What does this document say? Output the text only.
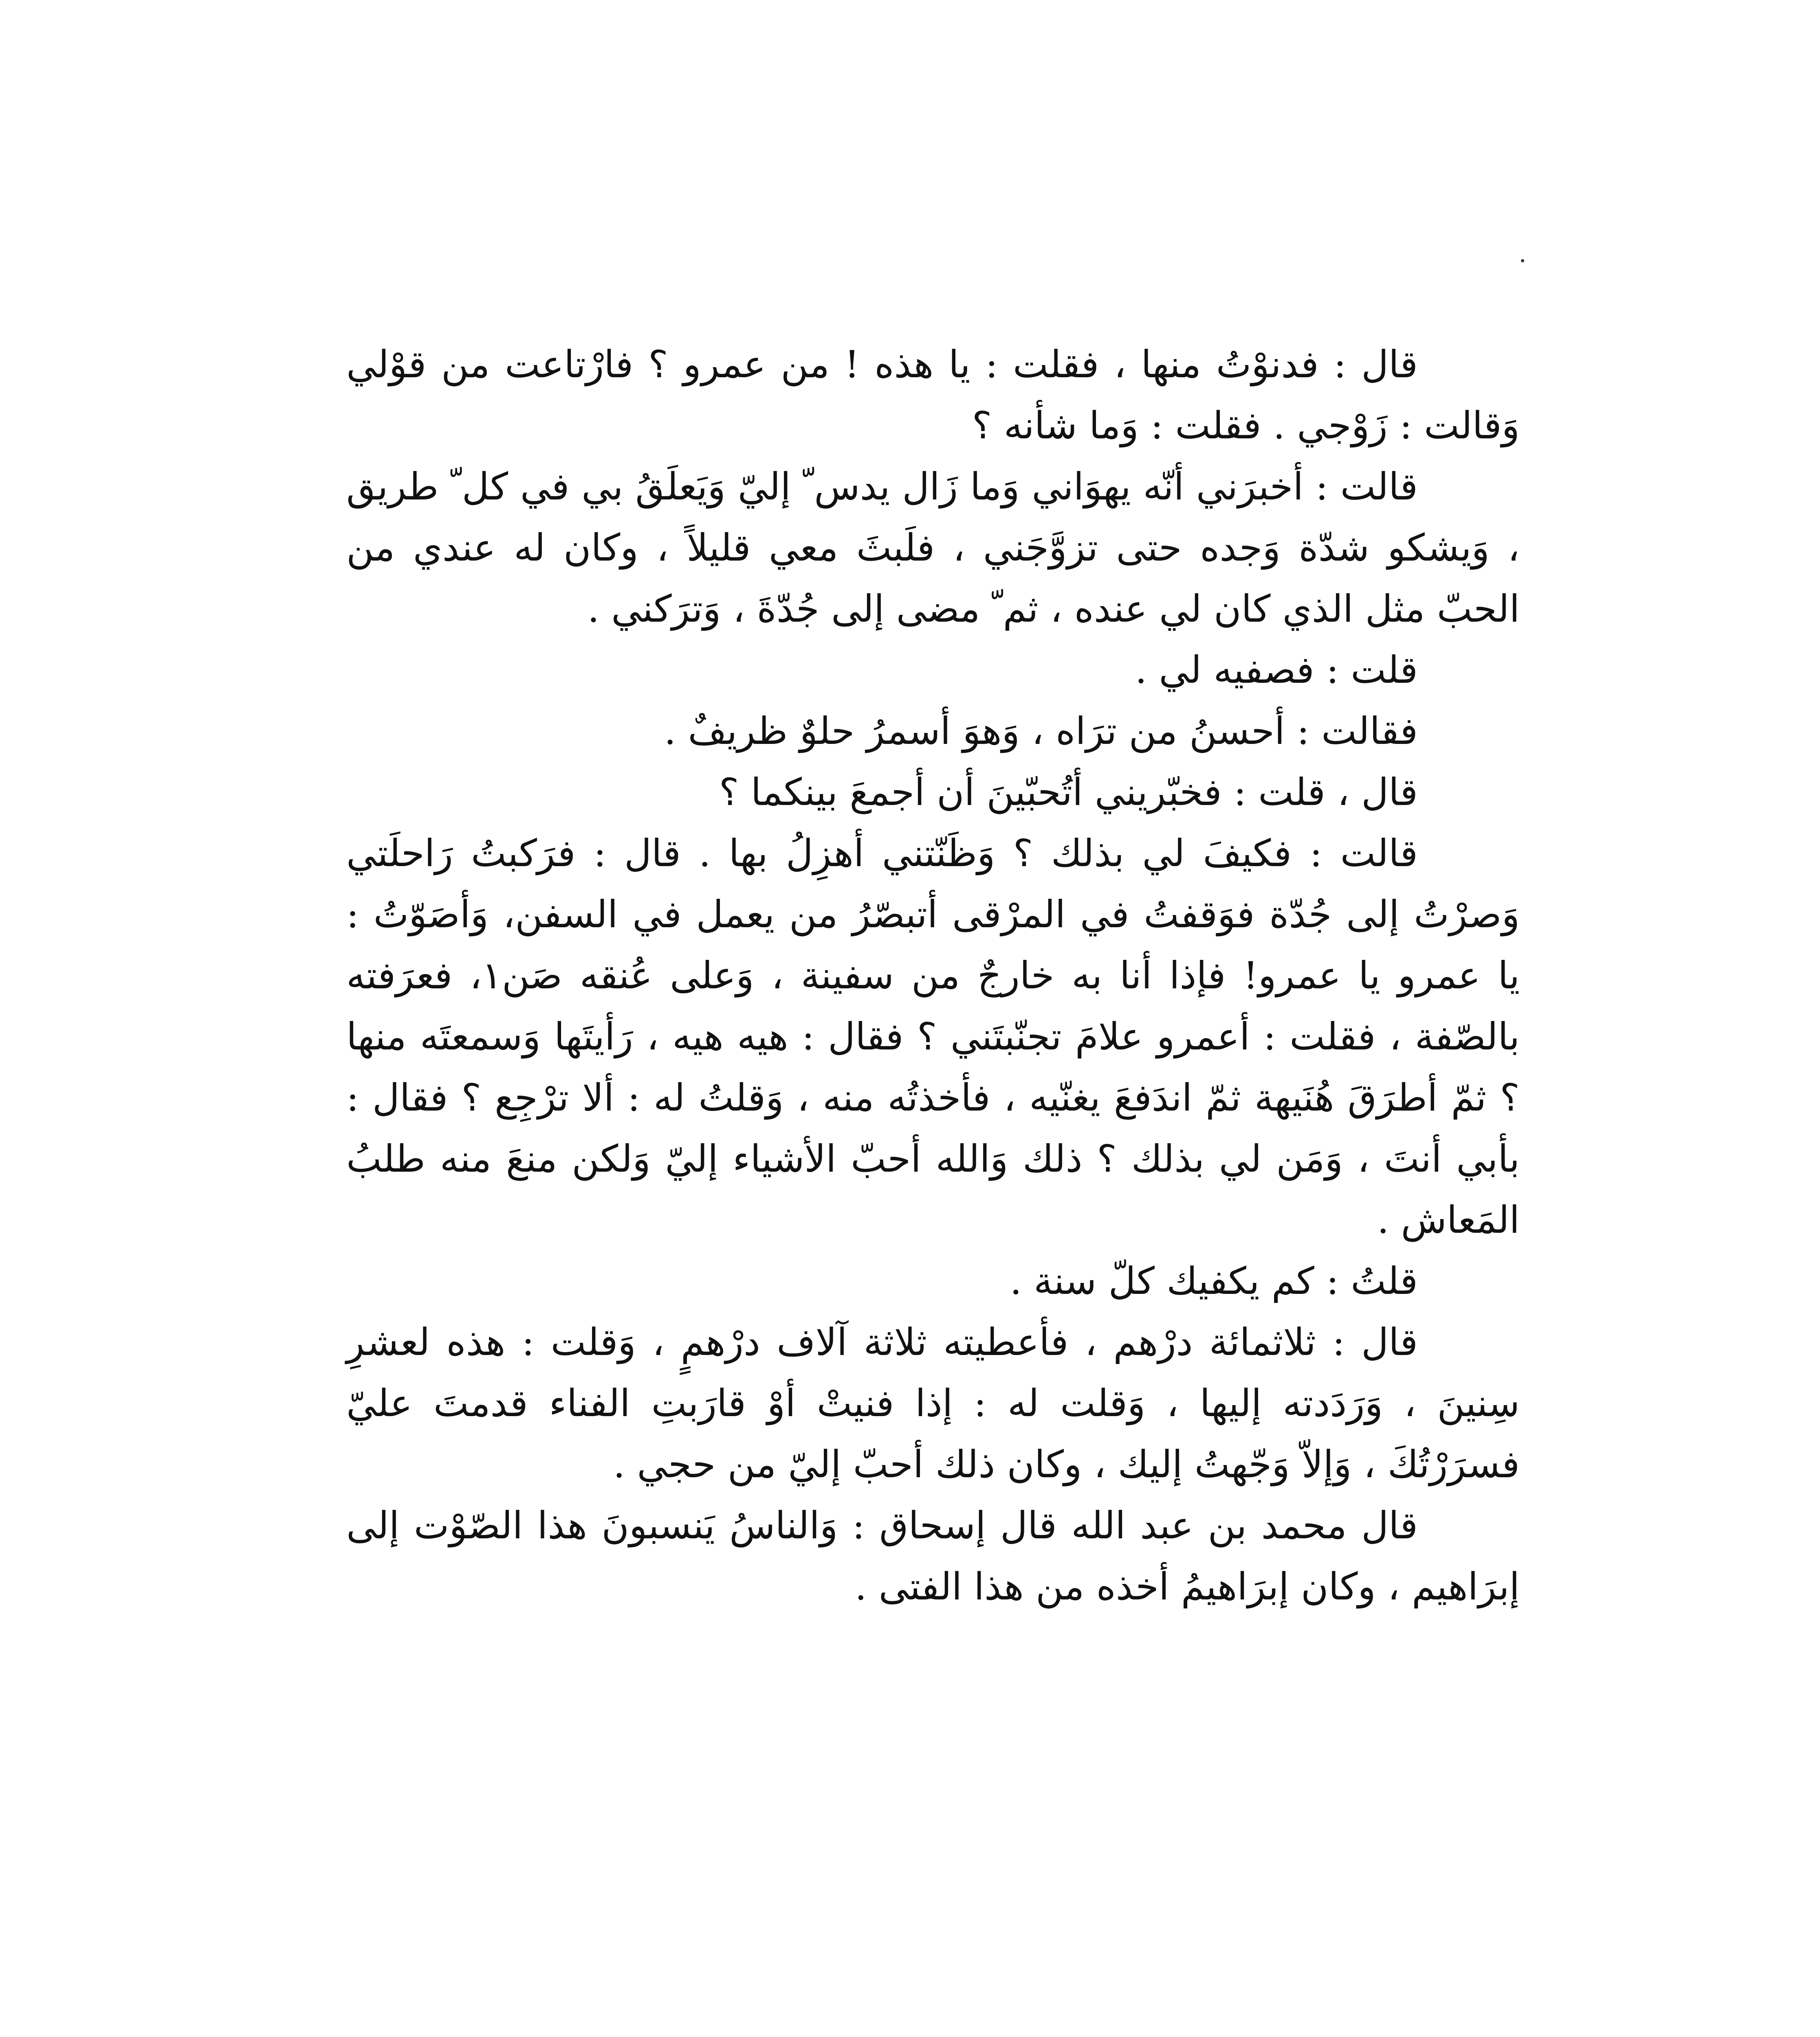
قال : فدنوْتُ منها ، فقلت : يا هذه ! من عمرو ؟ فارْتاعت من قوْلي وَقالت : زَوْجي . فقلت : وَما شأنه ؟

قالت : أخبرَني أنّه يهوَاني وَما زَال يدس ّ إليّ وَيَعلَقُ بي في كل ّ طريق ، وَيشكو شدّة وَجده حتى تزوَّجَني ، فلَبثَ معي قليلاً ، وكان له عندي من الحبّ مثل الذي كان لي عنده ، ثم ّ مضى إلى جُدّةَ ، وَترَكني .

قلت : فصفيه لي .

فقالت : أحسنُ من ترَاه ، وَهوَ أسمرُ حلوٌ ظريفٌ .

قال ، قلت : فخبّريني أتُحبّينَ أن أجمعَ بينكما ؟

قالت : فكيفَ لي بذلك ؟ وَظَنّتني أهزِلُ بها . قال : فرَكبتُ رَاحلَتي وَصرْتُ إلى جُدّة فوَقفتُ في المرْقى أتبصّرُ من يعمل في السفن، وَأصَوّتُ : يا عمرو يا عمرو! فإذا أنا به خارجٌ من سفينة ، وَعلى عُنقه صَن١، فعرَفته بالصّفة ، فقلت : أعمرو علامَ تجنّبتَني ؟ فقال : هيه هيه ، رَأيتَها وَسمعتَه منها ؟ ثمّ أطرَقَ هُنَيهة ثمّ اندَفعَ يغنّيه ، فأخذتُه منه ، وَقلتُ له : ألا ترْجِع ؟ فقال : بأبي أنتَ ، وَمَن لي بذلك ؟ ذلك وَالله أحبّ الأشياء إليّ وَلكن منعَ منه طلبُ المَعاش .

قلتُ : كم يكفيك كلّ سنة .

قال : ثلاثمائة درْهم ، فأعطيته ثلاثة آلاف درْهمٍ ، وَقلت : هذه لعشرِ سِنينَ ، وَرَدَدته إليها ، وَقلت له : إذا فنيتْ أوْ قارَبتِ الفناء قدمتَ عليّ فسرَرْتُكَ ، وَإلاّ وَجّهتُ إليك ، وكان ذلك أحبّ إليّ من حجي .

قال محمد بن عبد الله قال إسحاق : وَالناسُ يَنسبونَ هذا الصّوْت إلى إبرَاهيم ، وكان إبرَاهيمُ أخذه من هذا الفتى .
